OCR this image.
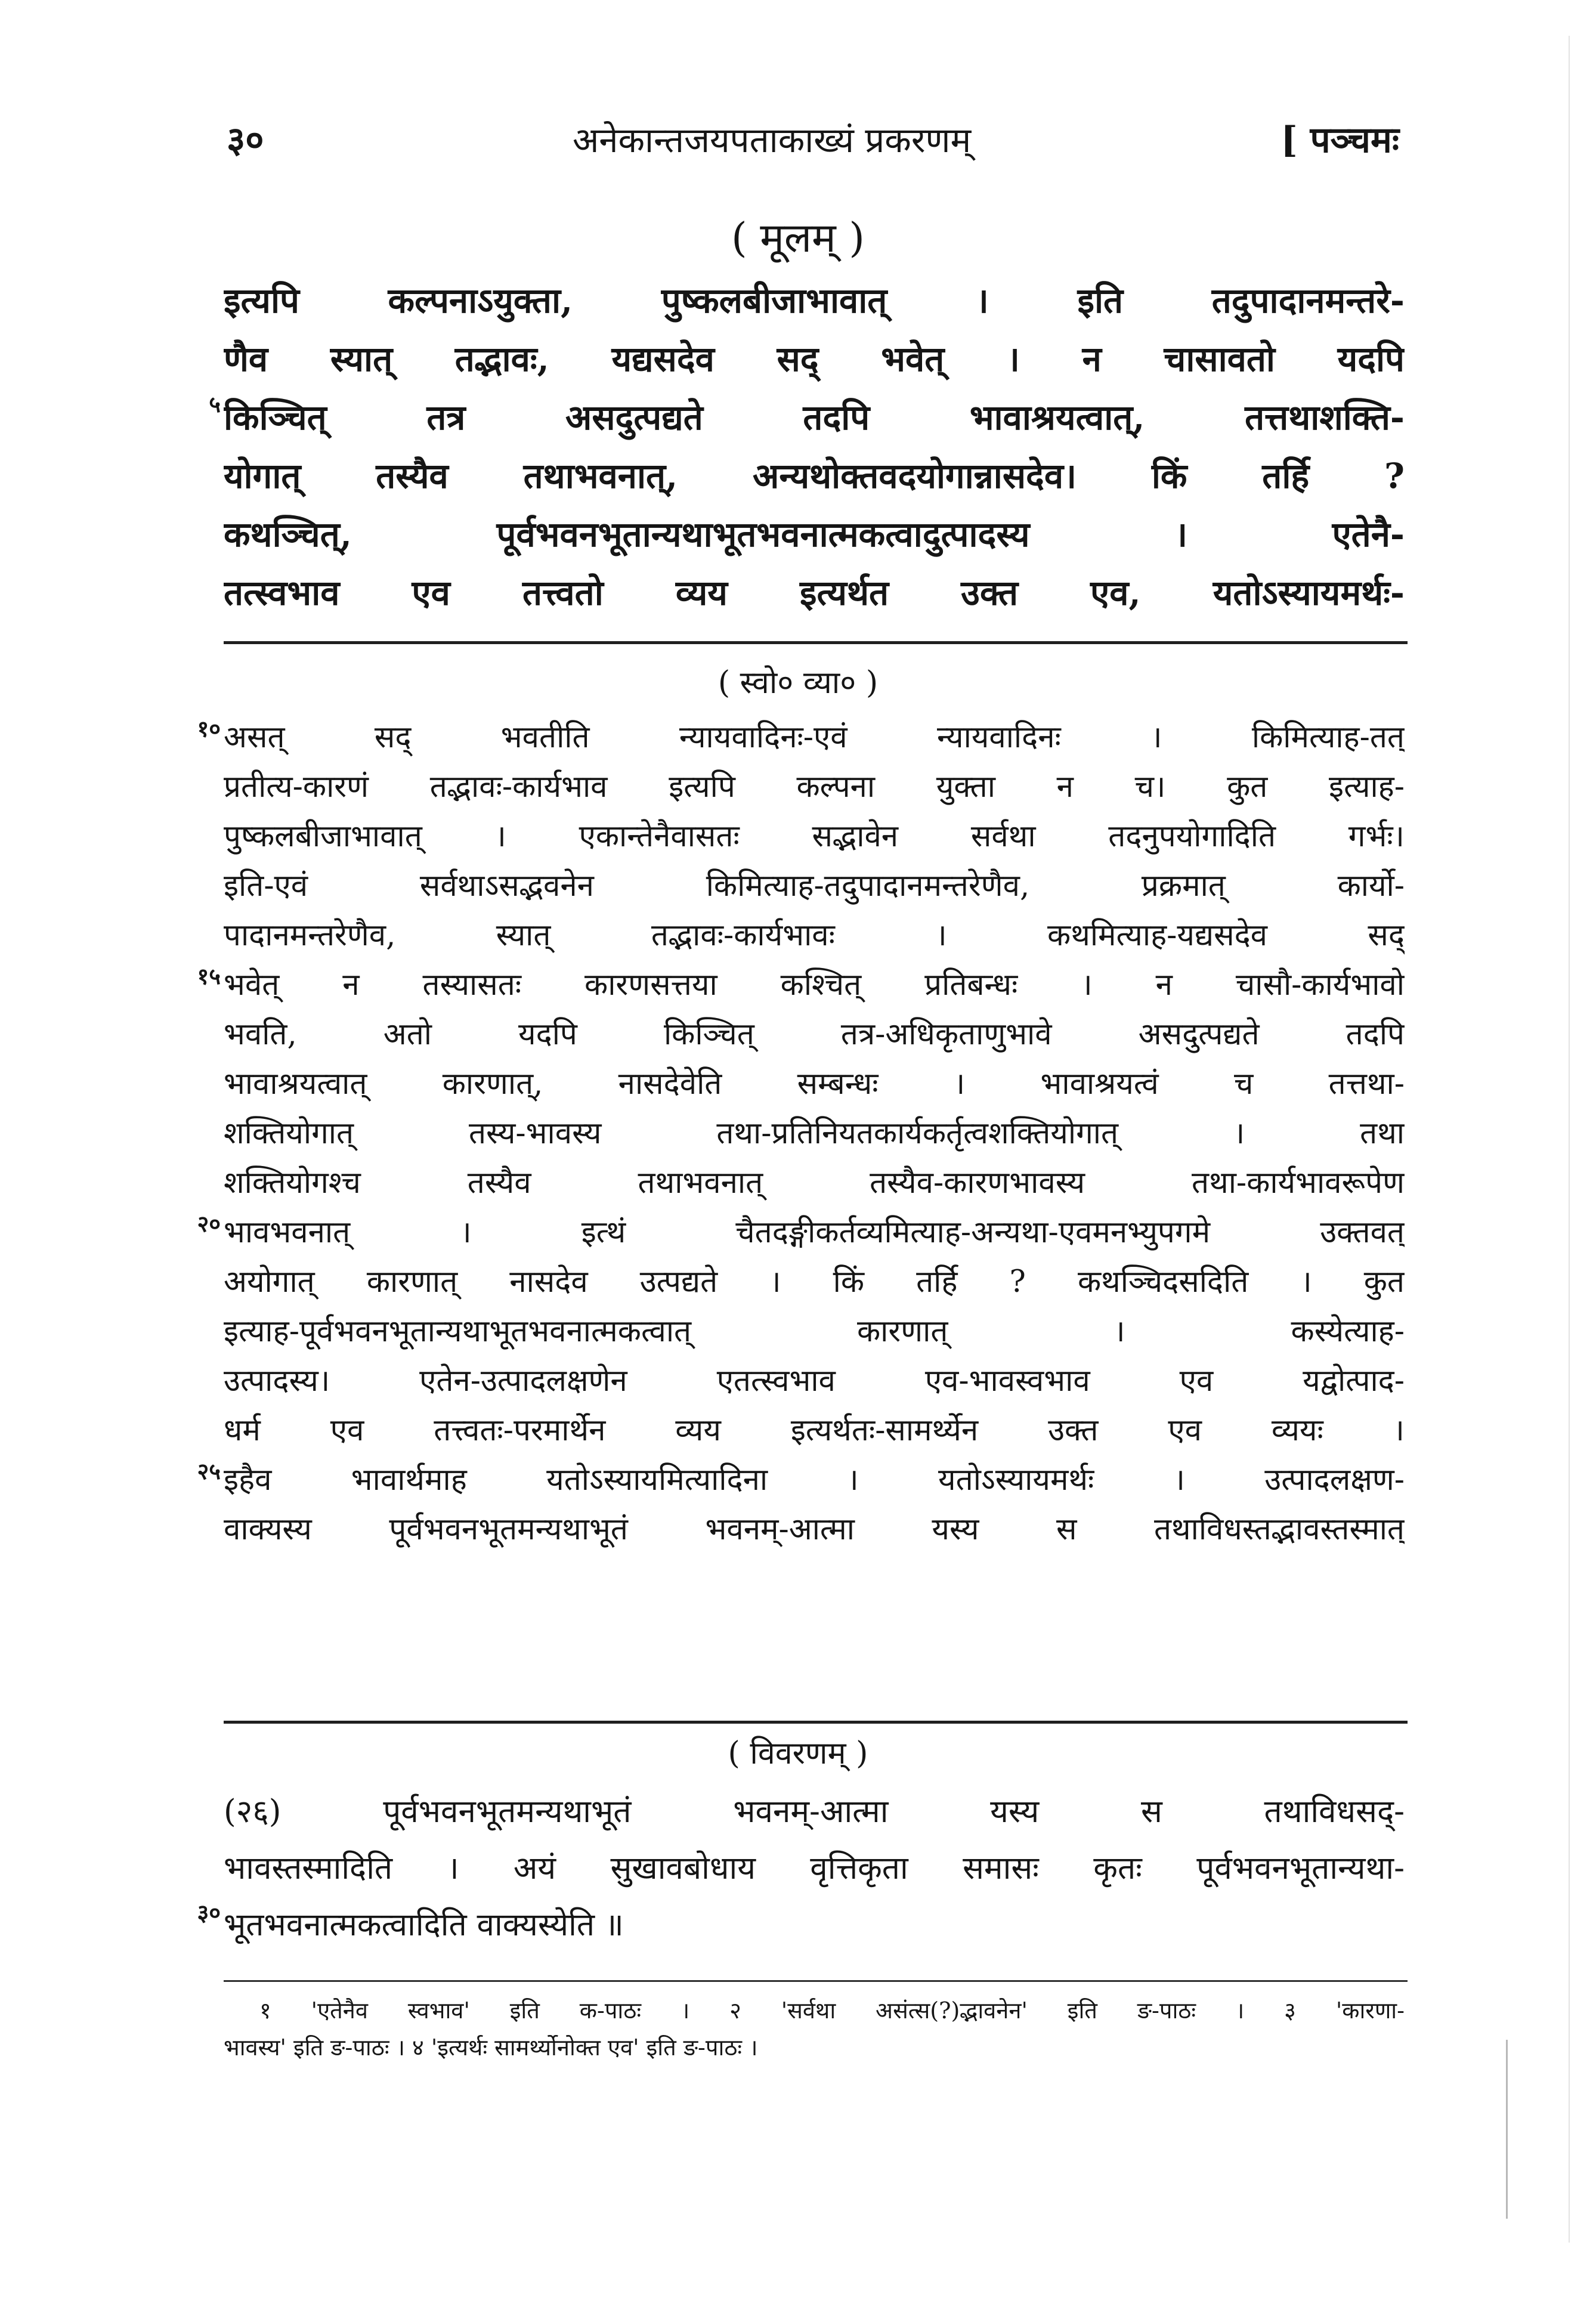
३०	अनेकान्तजयपताकाख्यं प्रकरणम्	[ पञ्चमः
( मूलम् )
इत्यपि कल्पनाऽयुक्ता, पुष्कलबीजाभावात् । इति तदुपादानमन्तरे-
णैव स्यात् तद्भावः, यद्यसदेव सद् भवेत् । न चासावतो यदपि
५ किञ्चित् तत्र असदुत्पद्यते तदपि भावाश्रयत्वात्, तत्तथाशक्ति-
योगात् तस्यैव तथाभवनात्, अन्यथोक्तवदयोगान्नासदेव। किं तर्हि ?
कथञ्चित्, पूर्वभवनभूतान्यथाभूतभवनात्मकत्वादुत्पादस्य । एतेनै-
तत्स्वभाव एव तत्त्वतो व्यय इत्यर्थत उक्त एव, यतोऽस्यायमर्थः-
( स्वो० व्या० )
१० असत् सद् भवतीति न्यायवादिनः-एवं न्यायवादिनः । किमित्याह-तत्
प्रतीत्य-कारणं तद्भावः-कार्यभाव इत्यपि कल्पना युक्ता न च। कुत इत्याह-
पुष्कलबीजाभावात् । एकान्तेनैवासतः सद्भावेन सर्वथा तदनुपयोगादिति गर्भः।
इति-एवं सर्वथाऽसद्भवनेन किमित्याह-तदुपादानमन्तरेणैव, प्रक्रमात् कार्यो-
पादानमन्तरेणैव, स्यात् तद्भावः-कार्यभावः । कथमित्याह-यद्यसदेव सद्
१५ भवेत् न तस्यासतः कारणसत्तया कश्चित् प्रतिबन्धः । न चासौ-कार्यभावो
भवति, अतो यदपि किञ्चित् तत्र-अधिकृताणुभावे असदुत्पद्यते तदपि
भावाश्रयत्वात् कारणात्, नासदेवेति सम्बन्धः । भावाश्रयत्वं च तत्तथा-
शक्तियोगात् तस्य-भावस्य तथा-प्रतिनियतकार्यकर्तृत्वशक्तियोगात् । तथा
शक्तियोगश्च तस्यैव तथाभवनात् तस्यैव-कारणभावस्य तथा-कार्यभावरूपेण
२० भावभवनात् । इत्थं चैतदङ्गीकर्तव्यमित्याह-अन्यथा-एवमनभ्युपगमे उक्तवत्
अयोगात् कारणात् नासदेव उत्पद्यते । किं तर्हि ? कथञ्चिदसदिति । कुत
इत्याह-पूर्वभवनभूतान्यथाभूतभवनात्मकत्वात् कारणात् । कस्येत्याह-
उत्पादस्य। एतेन-उत्पादलक्षणेन एतत्स्वभाव एव-भावस्वभाव एव यद्वोत्पाद-
धर्म एव तत्त्वतः-परमार्थेन व्यय इत्यर्थतः-सामर्थ्येन उक्त एव व्ययः ।
२५ इहैव भावार्थमाह यतोऽस्यायमित्यादिना । यतोऽस्यायमर्थः । उत्पादलक्षण-
वाक्यस्य पूर्वभवनभूतमन्यथाभूतं भवनम्-आत्मा यस्य स तथाविधस्तद्भावस्तस्मात्
( विवरणम् )
(२६) पूर्वभवनभूतमन्यथाभूतं भवनम्-आत्मा यस्य स तथाविधसद्-
भावस्तस्मादिति । अयं सुखावबोधाय वृत्तिकृता समासः कृतः पूर्वभवनभूतान्यथा-
३० भूतभवनात्मकत्वादिति वाक्यस्येति ॥
१ 'एतेनैव स्वभाव' इति क-पाठः । २ 'सर्वथा असंत्स(?)द्भावनेन' इति ङ-पाठः । ३ 'कारणा-
भावस्य' इति ङ-पाठः । ४ 'इत्यर्थः सामर्थ्योनोक्त एव' इति ङ-पाठः ।
